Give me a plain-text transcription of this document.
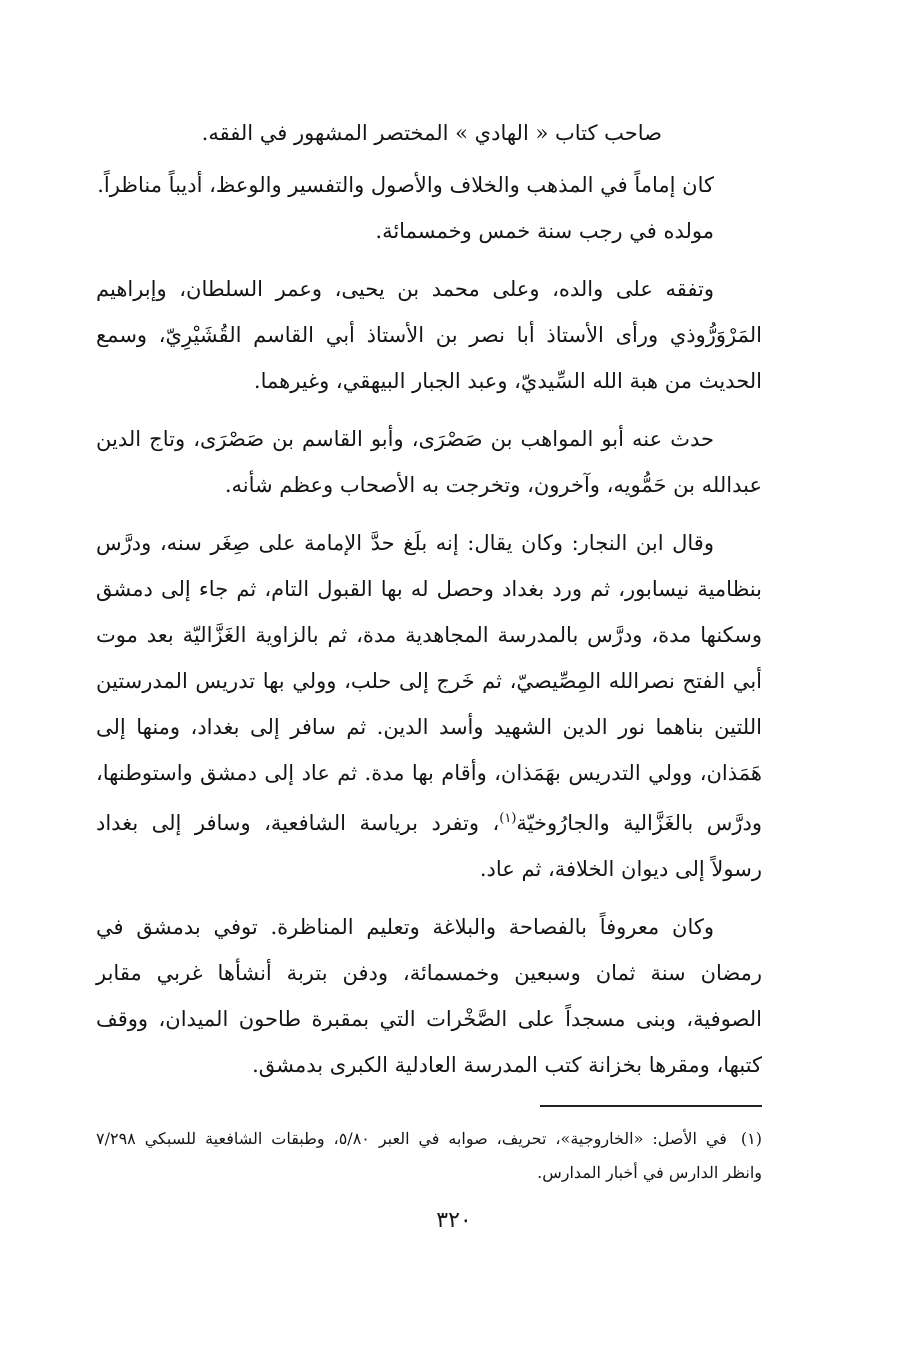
صاحب كتاب « الهادي » المختصر المشهور في الفقه.

كان إماماً في المذهب والخلاف والأصول والتفسير والوعظ، أديباً مناظراً.

مولده في رجب سنة خمس وخمسمائة.

وتفقه على والده، وعلى محمد بن يحيى، وعمر السلطان، وإبراهيم المَرْوَرُّوذي ورأى الأستاذ أبا نصر بن الأستاذ أبي القاسم القُشَيْرِيّ، وسمع الحديث من هبة الله السِّيديّ، وعبد الجبار البيهقي، وغيرهما.

حدث عنه أبو المواهب بن صَصْرَى، وأبو القاسم بن صَصْرَى، وتاج الدين عبدالله بن حَمُّويه، وآخرون، وتخرجت به الأصحاب وعظم شأنه.

وقال ابن النجار: وكان يقال: إنه بلَغ حدَّ الإمامة على صِغَر سنه، ودرَّس بنظامية نيسابور، ثم ورد بغداد وحصل له بها القبول التام، ثم جاء إلى دمشق وسكنها مدة، ودرَّس بالمدرسة المجاهدية مدة، ثم بالزاوية الغَزَّاليّة بعد موت أبي الفتح نصرالله المِصِّيصيّ، ثم خَرج إلى حلب، وولي بها تدريس المدرستين اللتين بناهما نور الدين الشهيد وأسد الدين. ثم سافر إلى بغداد، ومنها إلى هَمَذان، وولي التدريس بهَمَذان، وأقام بها مدة. ثم عاد إلى دمشق واستوطنها، ودرَّس بالغَزَّالية والجارُوخيّة$^{(١)}$، وتفرد برياسة الشافعية، وسافر إلى بغداد رسولاً إلى ديوان الخلافة، ثم عاد.

وكان معروفاً بالفصاحة والبلاغة وتعليم المناظرة. توفي بدمشق في رمضان سنة ثمان وسبعين وخمسمائة، ودفن بتربة أنشأها غربي مقابر الصوفية، وبنى مسجداً على الصَّخْرات التي بمقبرة طاحون الميدان، ووقف كتبها، ومقرها بخزانة كتب المدرسة العادلية الكبرى بدمشق.

(١)في الأصل: «الخاروجية»، تحريف، صوابه في العبر ٥/٨٠، وطبقات الشافعية للسبكي ٧/٢٩٨ وانظر الدارس في أخبار المدارس.
٣٢٠
